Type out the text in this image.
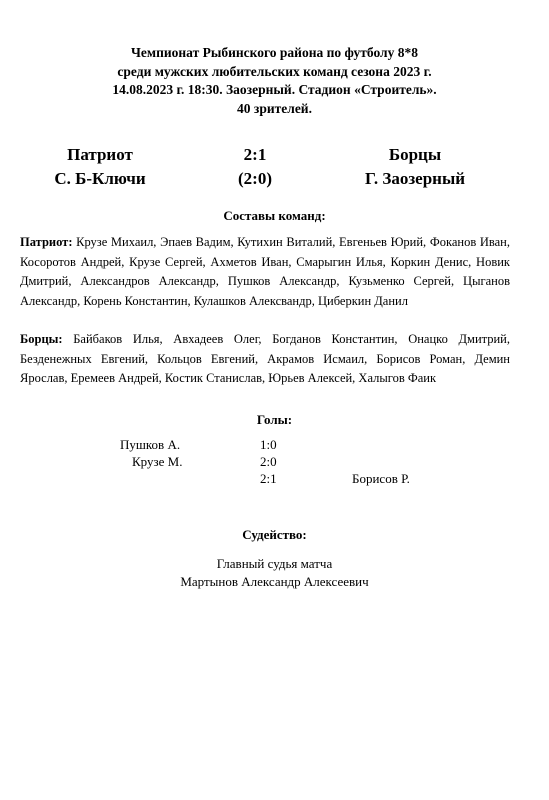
Чемпионат Рыбинского района по футболу 8*8
среди мужских любительских команд сезона 2023 г.
14.08.2023 г. 18:30. Заозерный. Стадион «Строитель».
40 зрителей.
Патриот	2:1	Борцы
С. Б-Ключи	(2:0)	Г. Заозерный
Составы команд:
Патриот: Крузе Михаил, Эпаев Вадим, Кутихин Виталий, Евгеньев Юрий, Фоканов Иван, Косоротов Андрей, Крузе Сергей, Ахметов Иван, Смарыгин Илья, Коркин Денис, Новик Дмитрий, Александров Александр, Пушков Александр, Кузьменко Сергей, Цыганов Александр, Корень Константин, Кулашков Алексвандр, Циберкин Данил
Борцы: Байбаков Илья, Авхадеев Олег, Богданов Константин, Онацко Дмитрий, Безденежных Евгений, Кольцов Евгений, Акрамов Исмаил, Борисов Роман, Демин Ярослав, Еремеев Андрей, Костик Станислав, Юрьев Алексей, Халыгов Фаик
Голы:
Пушков А.	1:0
Крузе М.	2:0
2:1	Борисов Р.
Судейство:
Главный судья матча
Мартынов Александр Алексеевич
